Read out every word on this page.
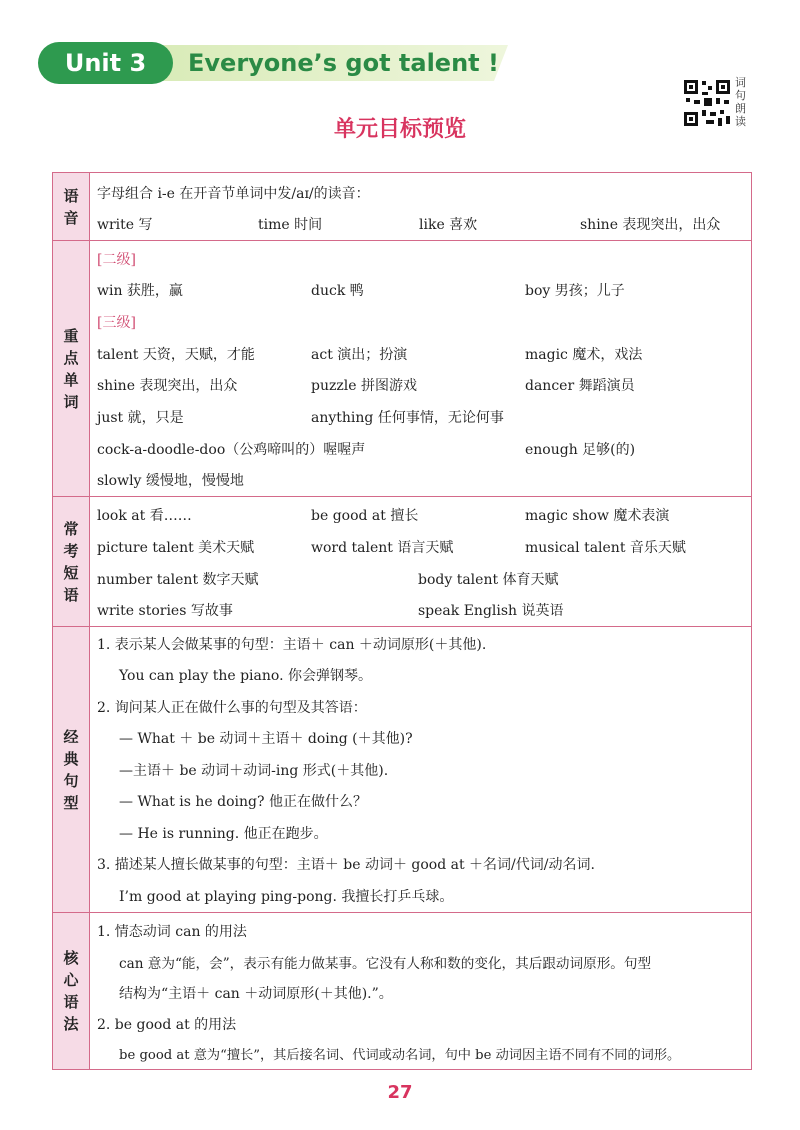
Unit 3	Everyone’s got talent !
词句朗读
单元目标预览
语音
字母组合 i-e 在开音节单词中发/aɪ/的读音：
write 写	time 时间	like 喜欢	shine 表现突出，出众
重点单词
[二级]
win 获胜，赢	duck 鸭	boy 男孩；儿子
[三级]
talent 天资，天赋，才能	act 演出；扮演	magic 魔术，戏法
shine 表现突出，出众	puzzle 拼图游戏	dancer 舞蹈演员
just 就，只是	anything 任何事情，无论何事
cock-a-doodle-doo（公鸡啼叫的）喔喔声	enough 足够(的)
slowly 缓慢地，慢慢地
常考短语
look at 看……	be good at 擅长	magic show 魔术表演
picture talent 美术天赋	word talent 语言天赋	musical talent 音乐天赋
number talent 数字天赋	body talent 体育天赋
write stories 写故事	speak English 说英语
经典句型
1. 表示某人会做某事的句型：主语＋ can ＋动词原形(＋其他).
You can play the piano. 你会弹钢琴。
2. 询问某人正在做什么事的句型及其答语：
— What ＋ be 动词＋主语＋ doing (＋其他)?
—主语＋ be 动词＋动词-ing 形式(＋其他).
— What is he doing? 他正在做什么？
— He is running. 他正在跑步。
3. 描述某人擅长做某事的句型：主语＋ be 动词＋ good at ＋名词/代词/动名词.
I’m good at playing ping-pong. 我擅长打乒乓球。
核心语法
1. 情态动词 can 的用法
can 意为“能，会”，表示有能力做某事。它没有人称和数的变化，其后跟动词原形。句型
结构为“主语＋ can ＋动词原形(＋其他).”。
2. be good at 的用法
be good at 意为“擅长”，其后接名词、代词或动名词，句中 be 动词因主语不同有不同的词形。
27
